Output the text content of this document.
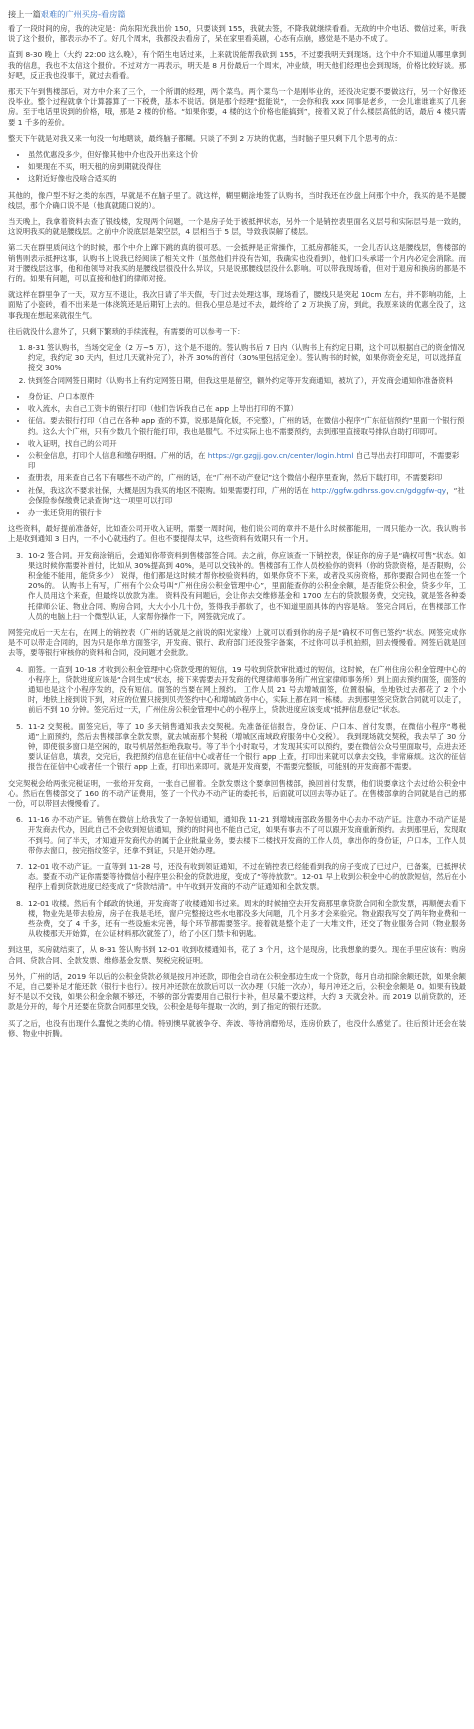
接上一篇艰难的广州买房-看房篇

看了一段时间的房，我的决定是：尚东阳光我出价 150，只要谈到 155，我就去签，不降我就继续看看。无敌的中介电话、微信过来，听我说了这个报价，都表示办不了。好几个周末，我都没去看房了，呆在家里看美剧，心态有点崩，感觉是不是办不成了。

直到 8-30 晚上（大约 22:00 这么晚），有个陌生电话过来，上来就说能帮我砍到 155，不过要我明天到现场。这个中介不知道从哪里拿到我的信息，我也不太信这个报价。不过对方一再表示，明天是 8 月份最后一个周末，冲业绩，明天他们经理也会到现场，价格比较好谈。那好吧，反正我也没事干，就过去看看。

那天下午到售楼部后，对方中介来了三个，一个所谓的经理，两个菜鸟。两个菜鸟一个是刚毕业的，还没决定要不要做这行，另一个好像还没毕业。整个过程就拿个计算器算了一下税费，基本不说话。倒是那个经理“挺能说”，一会你和我 xxx 同事是老乡，一会儿谁谁谁买了几套房。至于电话里说到的价格，哦，那是 2 楼的价格。“如果你要，4 楼的这个价格也能搞到”，接着又说了什么楼层高低的话，最后 4 楼只需要 1 千多的差价。

整天下午就是对我又来一句没一句地瞎谈，最终脑子都糊。只谈了不到 2 万块的优惠，当时脑子里只剩下几个思考的点：

• 虽然优惠没多少，但好像其他中介也没开出来这个价
• 如果现在不买，明天租的房到期就没得住
• 这附近好像也没啥合适买的

其他的，像户型不好之类的东西，早就是不在脑子里了。就这样，糊里糊涂地签了认购书，当时我还在沙盘上问那个中介，我买的是不是腰线层，那个介确口说不是（他真就随口说的）。

当天晚上，我拿着资料去查了银线楼，发现两个问题，一个是房子处于被抵押状态，另外一个是销控表里面名义层号和实际层号是一致的，这说明我买的就是腰线层。之前中介说底层是架空层，4 层相当于 5 层，导致我误解了楼层。

第二天在群里质问这个的时候，那个中介上蹿下跳的真的很可恶。一会抵押是正常操作，工抵房都能买，一会儿否认这是腰线层，售楼部的销售则表示抵押这事，认购书上说我已经阅读了相关文件（虽然他们并没有告知，我确实也没看到），他们口头承诺一个月内必定会消除。而对于腰线层这事，他和他领导对我买的是腰线层很没什么异议，只是说那腰线层没什么影响。可以带我现场看，但对于退房和换房的都是不行的。如果有问题，可以直接和他们的律师对接。

就这样在群里争了一天，双方互不退让，我次日请了半天假，专门过去处理这事，现场看了，腰线只是突起 10cm 左右，并不影响功能，上面贴了小瓷砖，看不出来是一体浇筑还是后期钉上去的。但我心里总是过不去，最终给了 2 万块换了房，到此，我原来谈的优惠全没了，这事我现在想起来就很生气。

往后就没什么意外了，只剩下繁琐的手续流程，有需要的可以参考一下：

1. 8-31 签认购书，当场交定金（2 万~5 万），这个是不退的。签认购书后 7 日内（认购书上有约定日期，这个可以根据自己的资金情况约定，我约定 30 天内，但过几天就补完了），补齐 30%的首付（30%里包括定金）。签认购书的时候，如果你资金充足，可以选择直接交 30%
2. 快到签合同网签日期时（认购书上有约定网签日期，但我这里是留空，额外约定等开发商通知，被坑了），开发商会通知你准备资料
• 身份证、户口本原件
• 收入流水，去自己工资卡的银行打印（他们告诉我自己在 app 上导出打印的不算）
• 征信。要去银行打印（自己在各种 app 查的不算，说那是简化版，不完整），广州的话，在微信小程序“广东征信预约”里面一个银行预约。这么大个广州，只有少数几个银行能打印，我也是服气。不过实际上也不需要预约，去到那里直接取号排队自助打印即可。
• 收入证明，找自己的公司开
• 公积金信息，打印个人信息和缴存明细。广州的话，在 https://gr.gzgjj.gov.cn/center/login.html 自己导出去打印即可，不需要彩印
• 查册表，用来查自己名下有哪些不动产的，广州的话，在“广州不动产登记”这个微信小程序里查询，然后下载打印，不需要彩印
• 社保，我这次不要求社保，大概是因为我买的地区不限购。如果需要打印，广州的话在 http://ggfw.gdhrss.gov.cn/gdggfw-qy，“社会保险参保缴费记录查询”这一项里可以打印
• 办一张还贷用的银行卡

这些资料，最好提前准备好，比如查公司开收入证明，需要一周时间，他们说公司的章并不是什么时候都能用，一周只能办一次。我认购书上是收到通知 3 日内，一不小心就违约了。但也不要提得太早，这些资料有效期只有一个月。

3. 10-2 签合同。开发商涂销后，会通知你带资料到售楼部签合同。去之前，你应该查一下销控表，保证你的房子是“确权可售”状态。如果这时候你需要补首付，比如从 30%提高到 40%，是可以交钱补的。售楼部有工作人员校验你的资料（你的贷款资格，是否限购，公积金能不能用，能贷多少） 说得，他们都是这时候才帮你校验资料的，如果你贷不下来，或者没买房资格，那你要跟合同也在签一个 20%的。 认购书上有写，广州有个公众号叫“广州住房公积金管理中心”，里面能查你的公积金余额，是否能贷公积金，贷多少年，工作人员用这个来查，但最终以放款为准。 资料没有问题后，会让你去交维修基金和 1700 左右的贷款服务费，交完钱，就是签各种委托律师公证、物业合同、购房合同，大大小小几十份，签得我手都软了，也不知道里面具体的内容是啥。 签完合同后，在售楼部工作人员的电脑上扫一个微型认证，人家帮你操作一下，网签就完成了。

网签完成后一天左右，在网上的销控表（广州的话就是之前说的阳光家缘）上就可以看到你的房子是“确权不可售已签约”状态。网签完成你是不可以带走合同的，因为只是你单方面签字，开发商、银行、政府部门还没签字备案，不过你可以手机拍照，回去慢慢看。网签后就是回去等，要等银行审核你的资料和合同，没问题才会批款。

4. 面签。一直到 10-18 才收到公积金管理中心贷款受理的短信，19 号收到贷款审批通过的短信，这时候，在广州住房公积金管理中心的小程序上，贷款进度应该是“合同生成”状态，接下来需要去开发商的代理律师事务所广州宜家律师事务所）到上面去预约面签，面签的通知也是这个小程序发的，没有短信。面签的当要在网上预约。 工作人员 21 号去增城面签，位置很偏，坐地铁过去都花了 2 个小时，地铁上接到说下到，对应的位置只接到贝壳签约中心和增城政务中心，实际上都在同一栋楼。去到那里签完贷款合同就可以走了，前后不到 10 分钟。签完后过一天，广州住房公积金管理中心的小程序上，贷款进度应该变成“抵押信息登记”状态。
5. 11-2 交契税。面签完后，等了 10 多天销售通知我去交契税。先准备征信报告，身份证、户口本、首付发票，在微信小程序“粤税通”上面预约，然后去售楼部拿全款发票，就去城南那个契税（增城区南域政府服务中心交税）。 我到现场就交契税，我去早了 30 分钟，即使很多窗口是空闲的，取号机居然拒绝我取号。等了半个小时取号，才发现其实可以预约，要在微信公众号里面取号，点进去还要认证信息，填表，交完后，我把预约信息在征信中心或者任一个银行 app 上查，打印出来就可以拿去交钱，非常麻烦。这次的征信报告在征信中心或者任一个银行 app 上查，打印出来即可。就是开发商要，不需要完整版，可能别的开发商都不需要。

交完契税会给两张完税证明，一张给开发商，一张自己留着。全款发票这个要拿回售楼部，换回首付发票，他们说要拿这个去过给公积金中心。然后在售楼部交了 160 的不动产证费用，签了一个代办不动产证的委托书，后面就可以回去等办证了。在售楼部拿的合同就是自己的那一份，可以带回去慢慢看了。

6. 11-16 办不动产证。销售在微信上给我发了一条短信通知，通知我 11-21 到增城南部政务服务中心去办不动产证。注意办不动产证是开发商去代办，因此自己不会收到短信通知，预约的时间也不能自己定，如果有事去不了可以跟开发商重新预约。去到那里后，发现取不到号。问了半天，才知道开发商代办的属于企业批量业务，要去楼下二楼找开发商的工作人员，拿出你的身份证，户口本，工作人员带你去窗口，按完指纹签字，还拿不到证，只是开始办理。
7. 12-01 收不动产证。一直等到 11-28 号，还没有收到领证通知，不过在销控表已经能看到我的房子变成了已过户，已备案，已抵押状态。要查不动产证你需要等待微信小程序里公积金的贷款进度，变成了“等待放款”。12-01 早上收到公积金中心的放款短信，然后在小程序上看到贷款进度已经变成了“贷款结清”。中午收到开发商的不动产证通知和全款发票。
8. 12-01 收楼。然后有个邮政的快递，开发商寄了收楼通知书过来。周末的时候抽空去开发商那里拿贷款合同和全款发票，再顺便去看下楼，物业先是带去验房，房子在我是毛坯，窗户完整接这些水电都没多大问题，几个月多才会来验完。物业跟我写交了两年物业费和一些杂费，交了 4 千多，还有一些设施未完善，每个环节都需要签字。接着就是整个走了一大堆文件，还交了物业服务合同（物业服务从收楼那天开始算，在公证材料那次就签了），给了小区门禁卡和钥匙。

到这里，买房就结束了，从 8-31 签认购书到 12-01 收到收楼通知书，花了 3 个月，这个是现房，比我想象的要久。现在手里应该有：购房合同、贷款合同、全款发票、维修基金发票、契税完税证明。

另外，广州的话，2019 年以后的公积金贷款必须是按月冲还款，即他会自动在公积金那边生成一个贷款，每月自动扣除余额还款，如果余额不足，自己要补足才能还款（银行卡也行）。按月冲还款在放款后可以一次办理（只能一次办），每月冲还之后，公积金余额是 0。如果有钱最好不是以不交钱，如果公积金余额不够还，不够的部分需要用自己银行卡补，但尽量不要这样，大约 3 天就会补。而 2019 以前贷款的，还款是分开的，每个月还要在贷款合同那里交钱，公积金是每年提取一次的，到了指定的银行还款。

买了之后，也没有出现什么蠢悦之类的心情。特别懊早就被争夺、奔波、等待消磨殆尽，连房价跌了，也没什么感觉了。往后预计还会在装修、物业中折腾。
